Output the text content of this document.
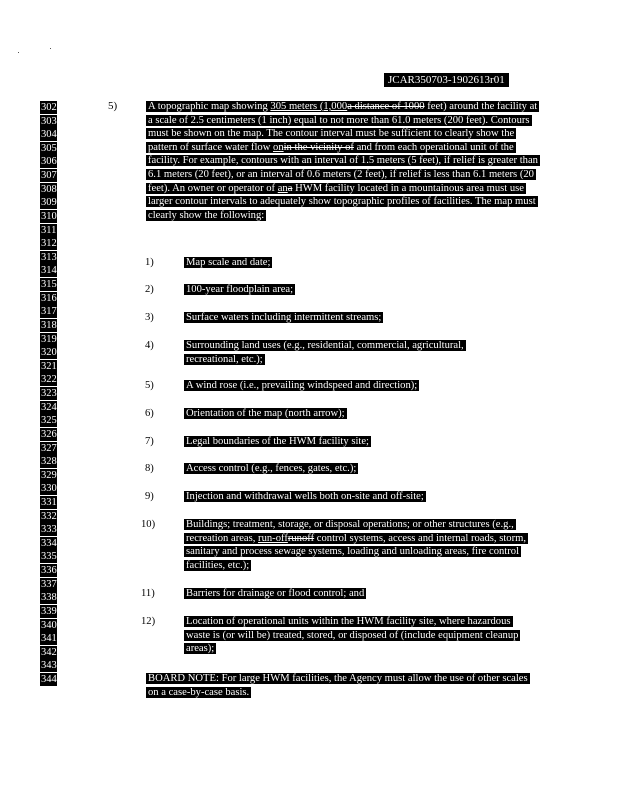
JCAR350703-1902613r01
302
303
304
305
306
307
308
309
310
311
312
313
314
315
316
317
318
319
320
321
322
323
324
325
326
327
328
329
330
331
332
333
334
335
336
337
338
339
340
341
342
343
344
5)	A topographic map showing 305 meters (1,000a distance of 1000 feet) around the facility at a scale of 2.5 centimeters (1 inch) equal to not more than 61.0 meters (200 feet). Contours must be shown on the map. The contour interval must be sufficient to clearly show the pattern of surface water flow onin the vicinity of and from each operational unit of the facility. For example, contours with an interval of 1.5 meters (5 feet), if relief is greater than 6.1 meters (20 feet), or an interval of 0.6 meters (2 feet), if relief is less than 6.1 meters (20 feet). An owner or operator of ana HWM facility located in a mountainous area must use larger contour intervals to adequately show topographic profiles of facilities. The map must clearly show the following:

1)	Map scale and date;

2)	100-year floodplain area;

3)	Surface waters including intermittent streams;

4)	Surrounding land uses (e.g., residential, commercial, agricultural, recreational, etc.);

5)	A wind rose (i.e., prevailing windspeed and direction);

6)	Orientation of the map (north arrow);

7)	Legal boundaries of the HWM facility site;

8)	Access control (e.g., fences, gates, etc.);

9)	Injection and withdrawal wells both on-site and off-site;

10)	Buildings; treatment, storage, or disposal operations; or other structures (e.g., recreation areas, run-offrunoff control systems, access and internal roads, storm, sanitary and process sewage systems, loading and unloading areas, fire control facilities, etc.);

11)	Barriers for drainage or flood control; and

12)	Location of operational units within the HWM facility site, where hazardous waste is (or will be) treated, stored, or disposed of (include equipment cleanup areas);

BOARD NOTE: For large HWM facilities, the Agency must allow the use of other scales on a case-by-case basis.
